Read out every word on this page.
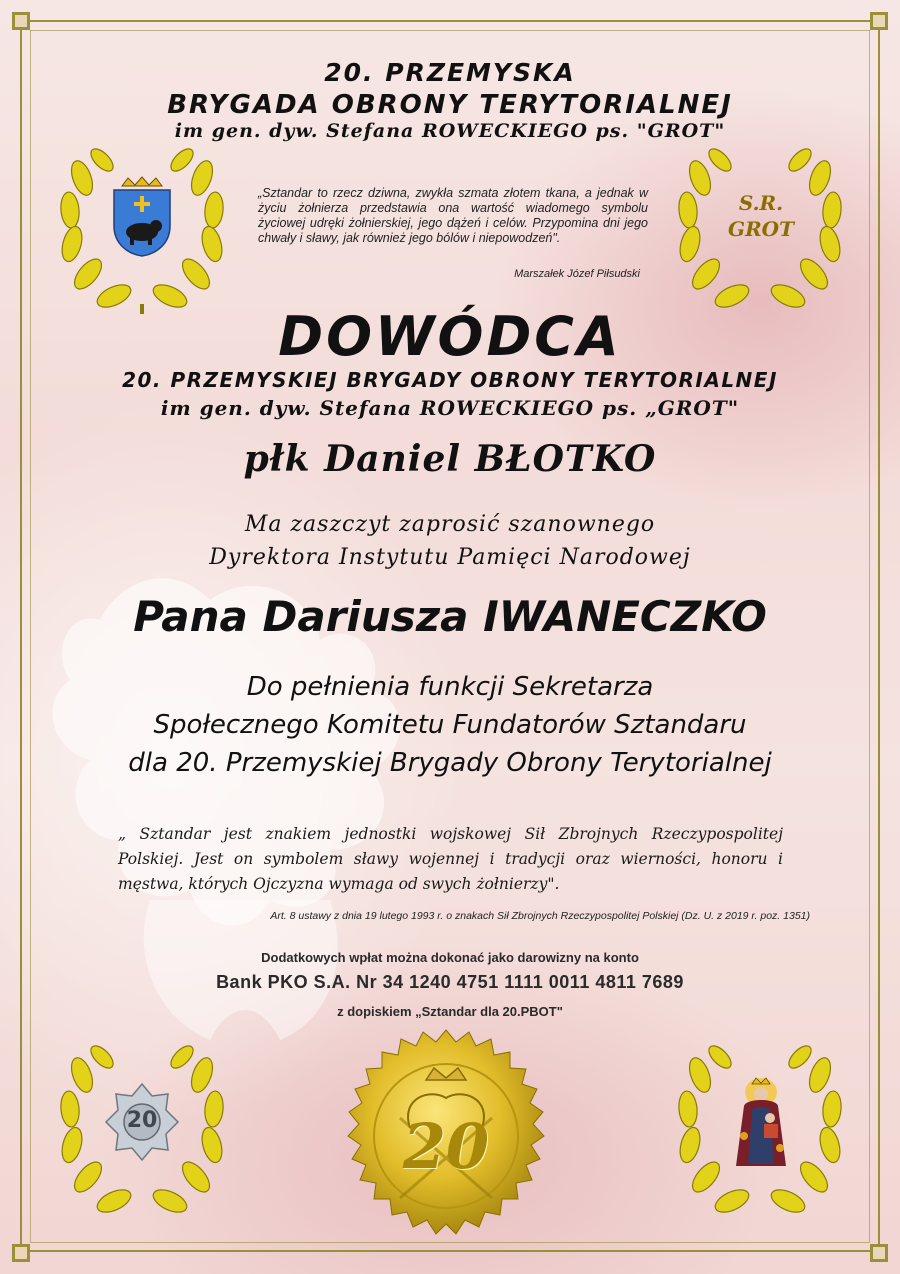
20. PRZEMYSKA
BRYGADA OBRONY TERYTORIALNEJ
im gen. dyw. Stefana ROWECKIEGO ps. "GROT"
„Sztandar to rzecz dziwna, zwykła szmata złotem tkana, a jednak w życiu żołnierza przedstawia ona wartość wiadomego symbolu życiowej udręki żołnierskiej, jego dążeń i celów. Przypomina dni jego chwały i sławy, jak również jego bólów i niepowodzeń".
Marszałek Józef Piłsudski
S.R.
GROT
DOWÓDCA
20. PRZEMYSKIEJ BRYGADY OBRONY TERYTORIALNEJ
im gen. dyw. Stefana ROWECKIEGO ps. „GROT"
płk Daniel BŁOTKO
Ma zaszczyt zaprosić szanownego
Dyrektora Instytutu Pamięci Narodowej
Pana Dariusza IWANECZKO
Do pełnienia funkcji Sekretarza
Społecznego Komitetu Fundatorów Sztandaru
dla 20. Przemyskiej Brygady Obrony Terytorialnej
„ Sztandar jest znakiem jednostki wojskowej Sił Zbrojnych Rzeczypospolitej Polskiej. Jest on symbolem sławy wojennej i tradycji oraz wierności, honoru i męstwa, których Ojczyzna wymaga od swych żołnierzy".
Art. 8 ustawy z dnia 19 lutego 1993 r. o znakach Sił Zbrojnych Rzeczypospolitej Polskiej (Dz. U. z 2019 r. poz. 1351)
Dodatkowych wpłat można dokonać jako darowizny na konto
Bank PKO S.A. Nr 34 1240 4751 1111 0011 4811 7689
z dopiskiem „Sztandar dla 20.PBOT"
20	20
